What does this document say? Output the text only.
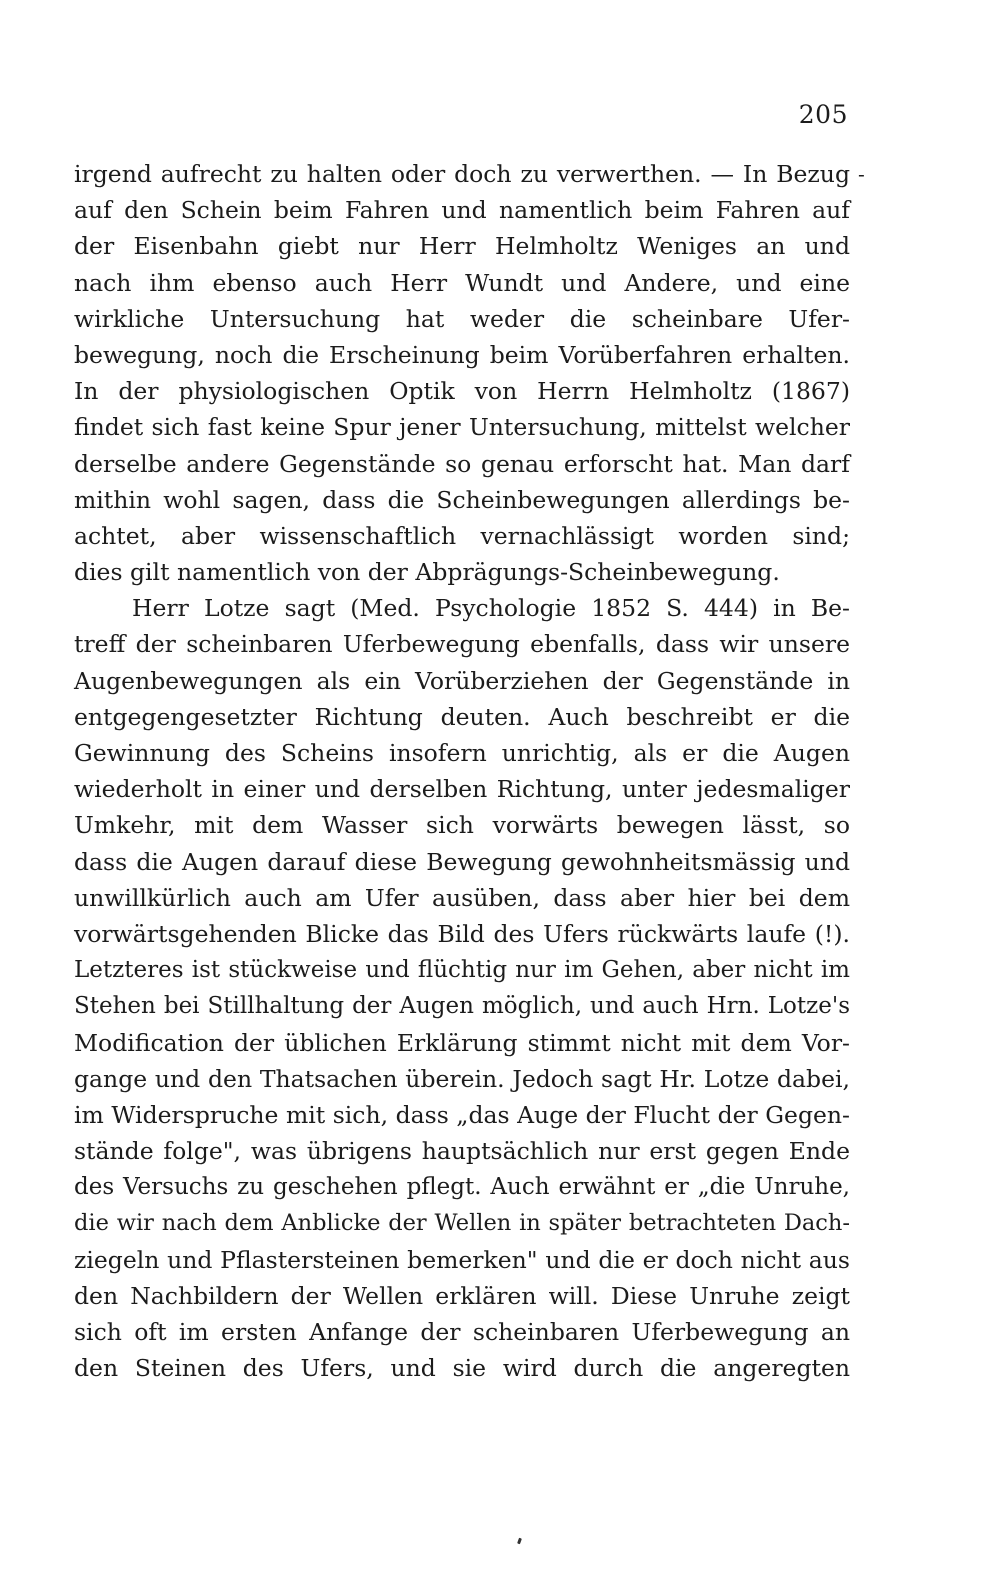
205
-
irgend aufrecht zu halten oder doch zu verwerthen. — In Bezug
auf den Schein beim Fahren und namentlich beim Fahren auf
der Eisenbahn giebt nur Herr Helmholtz Weniges an und
nach ihm ebenso auch Herr Wundt und Andere, und eine
wirkliche Untersuchung hat weder die scheinbare Ufer-
bewegung, noch die Erscheinung beim Vorüberfahren erhalten.
In der physiologischen Optik von Herrn Helmholtz (1867)
findet sich fast keine Spur jener Untersuchung, mittelst welcher
derselbe andere Gegenstände so genau erforscht hat. Man darf
mithin wohl sagen, dass die Scheinbewegungen allerdings be-
achtet, aber wissenschaftlich vernachlässigt worden sind;
dies gilt namentlich von der Abprägungs-Scheinbewegung.
Herr Lotze sagt (Med. Psychologie 1852 S. 444) in Be-
treff der scheinbaren Uferbewegung ebenfalls, dass wir unsere
Augenbewegungen als ein Vorüberziehen der Gegenstände in
entgegengesetzter Richtung deuten. Auch beschreibt er die
Gewinnung des Scheins insofern unrichtig, als er die Augen
wiederholt in einer und derselben Richtung, unter jedesmaliger
Umkehr, mit dem Wasser sich vorwärts bewegen lässt, so
dass die Augen darauf diese Bewegung gewohnheitsmässig und
unwillkürlich auch am Ufer ausüben, dass aber hier bei dem
vorwärtsgehenden Blicke das Bild des Ufers rückwärts laufe (!).
Letzteres ist stückweise und flüchtig nur im Gehen, aber nicht im
Stehen bei Stillhaltung der Augen möglich, und auch Hrn. Lotze's
Modification der üblichen Erklärung stimmt nicht mit dem Vor-
gange und den Thatsachen überein. Jedoch sagt Hr. Lotze dabei,
im Widerspruche mit sich, dass „das Auge der Flucht der Gegen-
stände folge", was übrigens hauptsächlich nur erst gegen Ende
des Versuchs zu geschehen pflegt. Auch erwähnt er „die Unruhe,
die wir nach dem Anblicke der Wellen in später betrachteten Dach-
ziegeln und Pflastersteinen bemerken" und die er doch nicht aus
den Nachbildern der Wellen erklären will. Diese Unruhe zeigt
sich oft im ersten Anfange der scheinbaren Uferbewegung an
den Steinen des Ufers, und sie wird durch die angeregten
